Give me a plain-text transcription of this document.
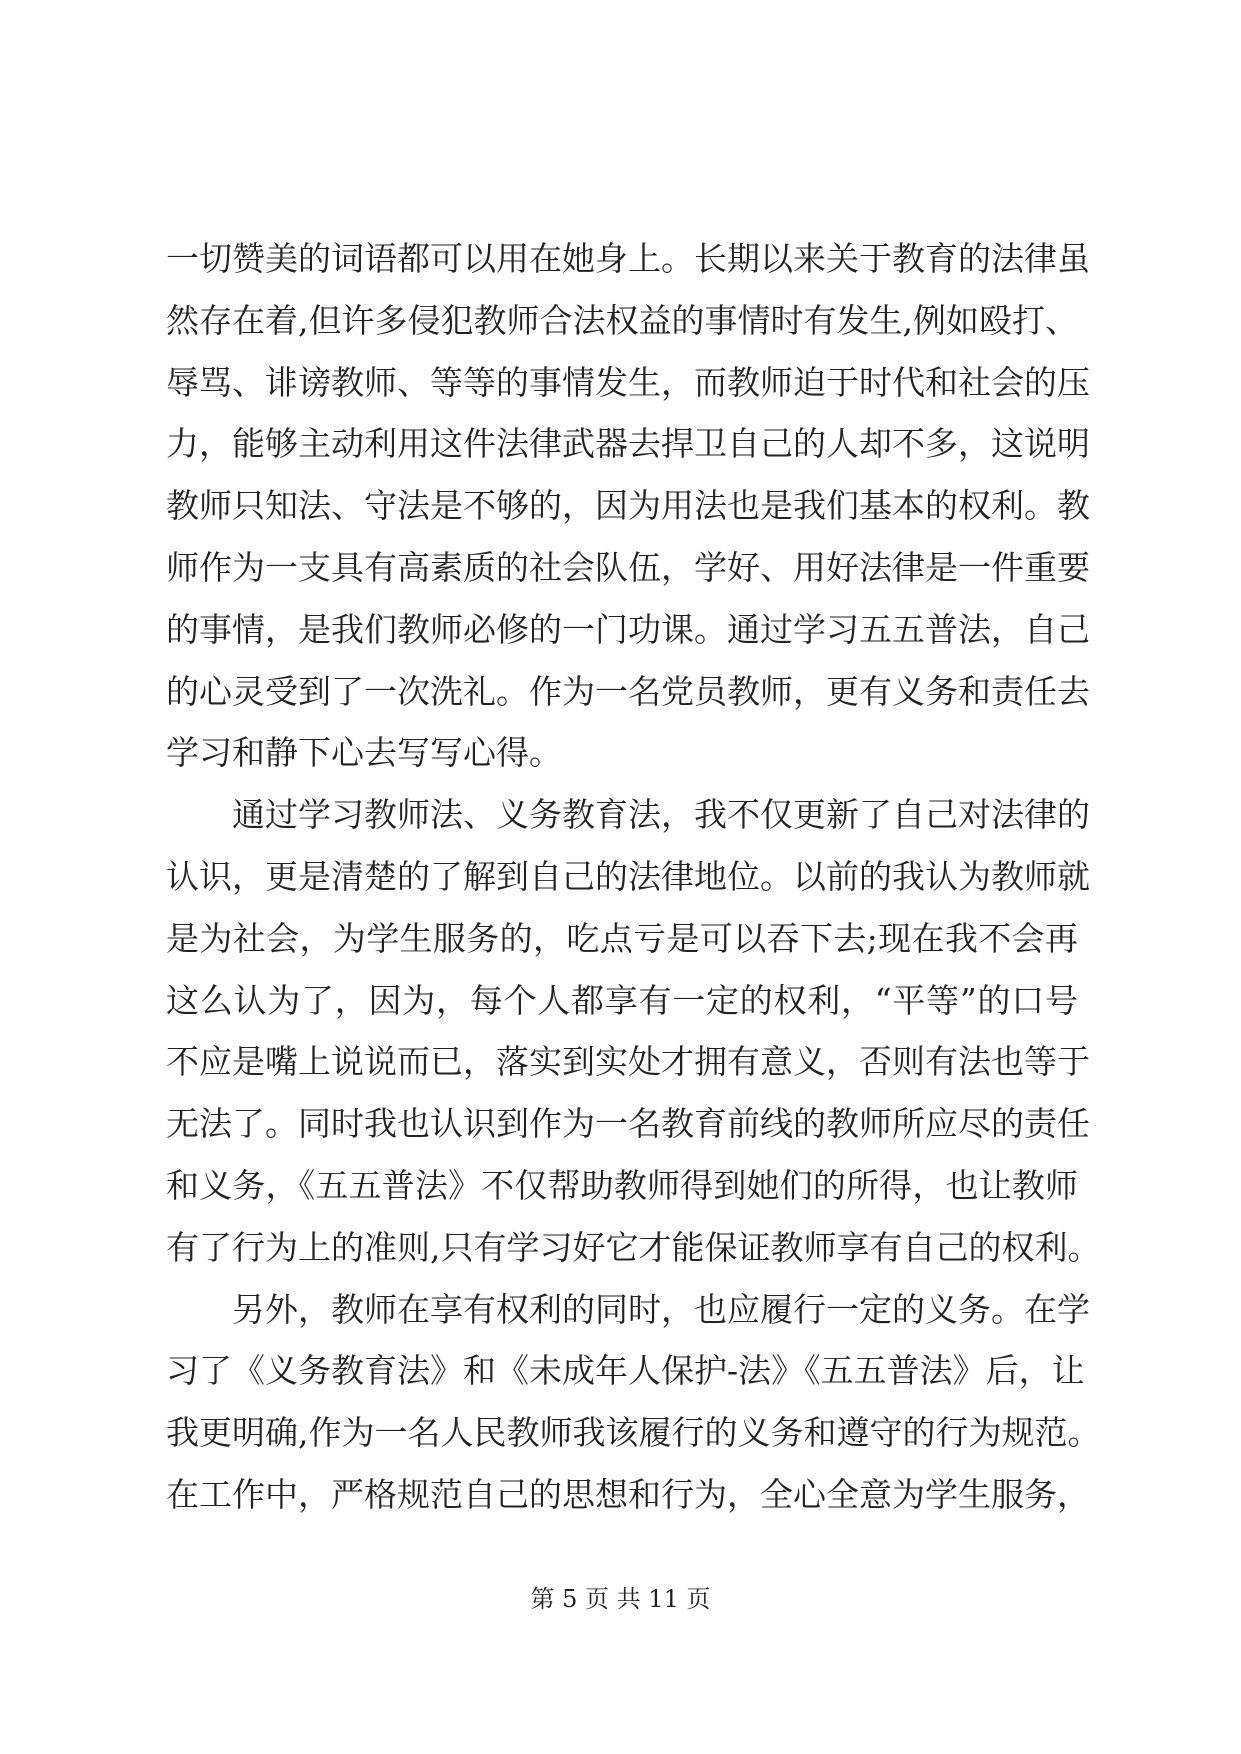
一切赞美的词语都可以用在她身上。长期以来关于教育的法律虽
然存在着,但许多侵犯教师合法权益的事情时有发生,例如殴打、
辱骂、诽谤教师、等等的事情发生，而教师迫于时代和社会的压
力，能够主动利用这件法律武器去捍卫自己的人却不多，这说明
教师只知法、守法是不够的，因为用法也是我们基本的权利。教
师作为一支具有高素质的社会队伍，学好、用好法律是一件重要
的事情，是我们教师必修的一门功课。通过学习五五普法，自己
的心灵受到了一次洗礼。作为一名党员教师，更有义务和责任去
学习和静下心去写写心得。
通过学习教师法、义务教育法，我不仅更新了自己对法律的
认识，更是清楚的了解到自己的法律地位。以前的我认为教师就
是为社会，为学生服务的，吃点亏是可以吞下去;现在我不会再
这么认为了，因为，每个人都享有一定的权利，“平等”的口号
不应是嘴上说说而已，落实到实处才拥有意义，否则有法也等于
无法了。同时我也认识到作为一名教育前线的教师所应尽的责任
和义务，《五五普法》不仅帮助教师得到她们的所得，也让教师
有了行为上的准则,只有学习好它才能保证教师享有自己的权利。
另外，教师在享有权利的同时，也应履行一定的义务。在学
习了《义务教育法》和《未成年人保护-法》《五五普法》后，让
我更明确,作为一名人民教师我该履行的义务和遵守的行为规范。
在工作中，严格规范自己的思想和行为，全心全意为学生服务，
第 5 页 共 11 页
